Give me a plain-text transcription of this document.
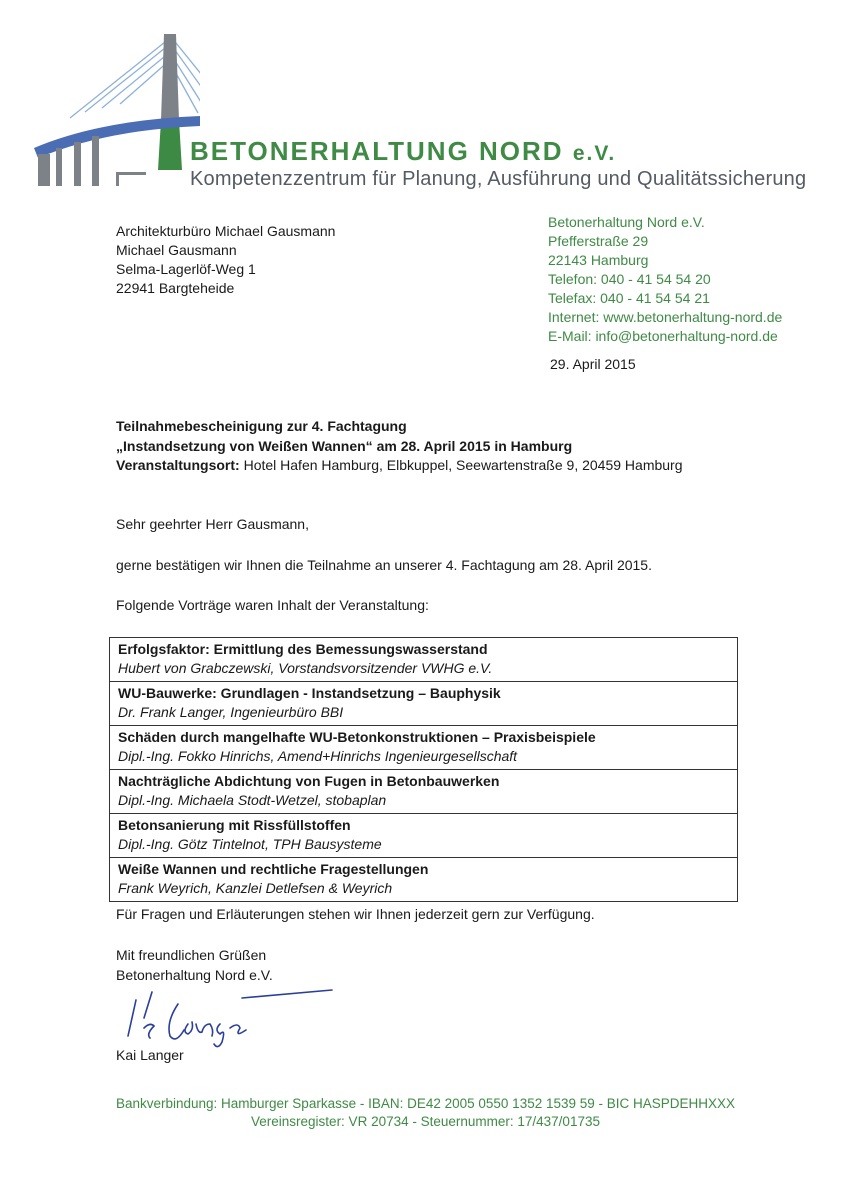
BETONERHALTUNG NORD e.V.
Kompetenzzentrum für Planung, Ausführung und Qualitätssicherung
Architekturbüro Michael Gausmann
Michael Gausmann
Selma-Lagerlöf-Weg 1
22941 Bargteheide
Betonerhaltung Nord e.V.
Pfefferstraße 29
22143 Hamburg
Telefon: 040 - 41 54 54 20
Telefax: 040 - 41 54 54 21
Internet: www.betonerhaltung-nord.de
E-Mail: info@betonerhaltung-nord.de
29. April 2015
Teilnahmebescheinigung zur 4. Fachtagung
„Instandsetzung von Weißen Wannen“ am 28. April 2015 in Hamburg
Veranstaltungsort: Hotel Hafen Hamburg, Elbkuppel, Seewartenstraße 9, 20459 Hamburg
Sehr geehrter Herr Gausmann,
gerne bestätigen wir Ihnen die Teilnahme an unserer 4. Fachtagung am 28. April 2015.
Folgende Vorträge waren Inhalt der Veranstaltung:
Erfolgsfaktor: Ermittlung des Bemessungswasserstand
Hubert von Grabczewski, Vorstandsvorsitzender VWHG e.V.
WU-Bauwerke: Grundlagen - Instandsetzung – Bauphysik
Dr. Frank Langer, Ingenieurbüro BBI
Schäden durch mangelhafte WU-Betonkonstruktionen – Praxisbeispiele
Dipl.-Ing. Fokko Hinrichs, Amend+Hinrichs Ingenieurgesellschaft
Nachträgliche Abdichtung von Fugen in Betonbauwerken
Dipl.-Ing. Michaela Stodt-Wetzel, stobaplan
Betonsanierung mit Rissfüllstoffen
Dipl.-Ing. Götz Tintelnot, TPH Bausysteme
Weiße Wannen und rechtliche Fragestellungen
Frank Weyrich, Kanzlei Detlefsen & Weyrich
Für Fragen und Erläuterungen stehen wir Ihnen jederzeit gern zur Verfügung.
Mit freundlichen Grüßen
Betonerhaltung Nord e.V.
Kai Langer
Bankverbindung: Hamburger Sparkasse - IBAN: DE42 2005 0550 1352 1539 59 - BIC HASPDEHHXXX
Vereinsregister: VR 20734 - Steuernummer: 17/437/01735
